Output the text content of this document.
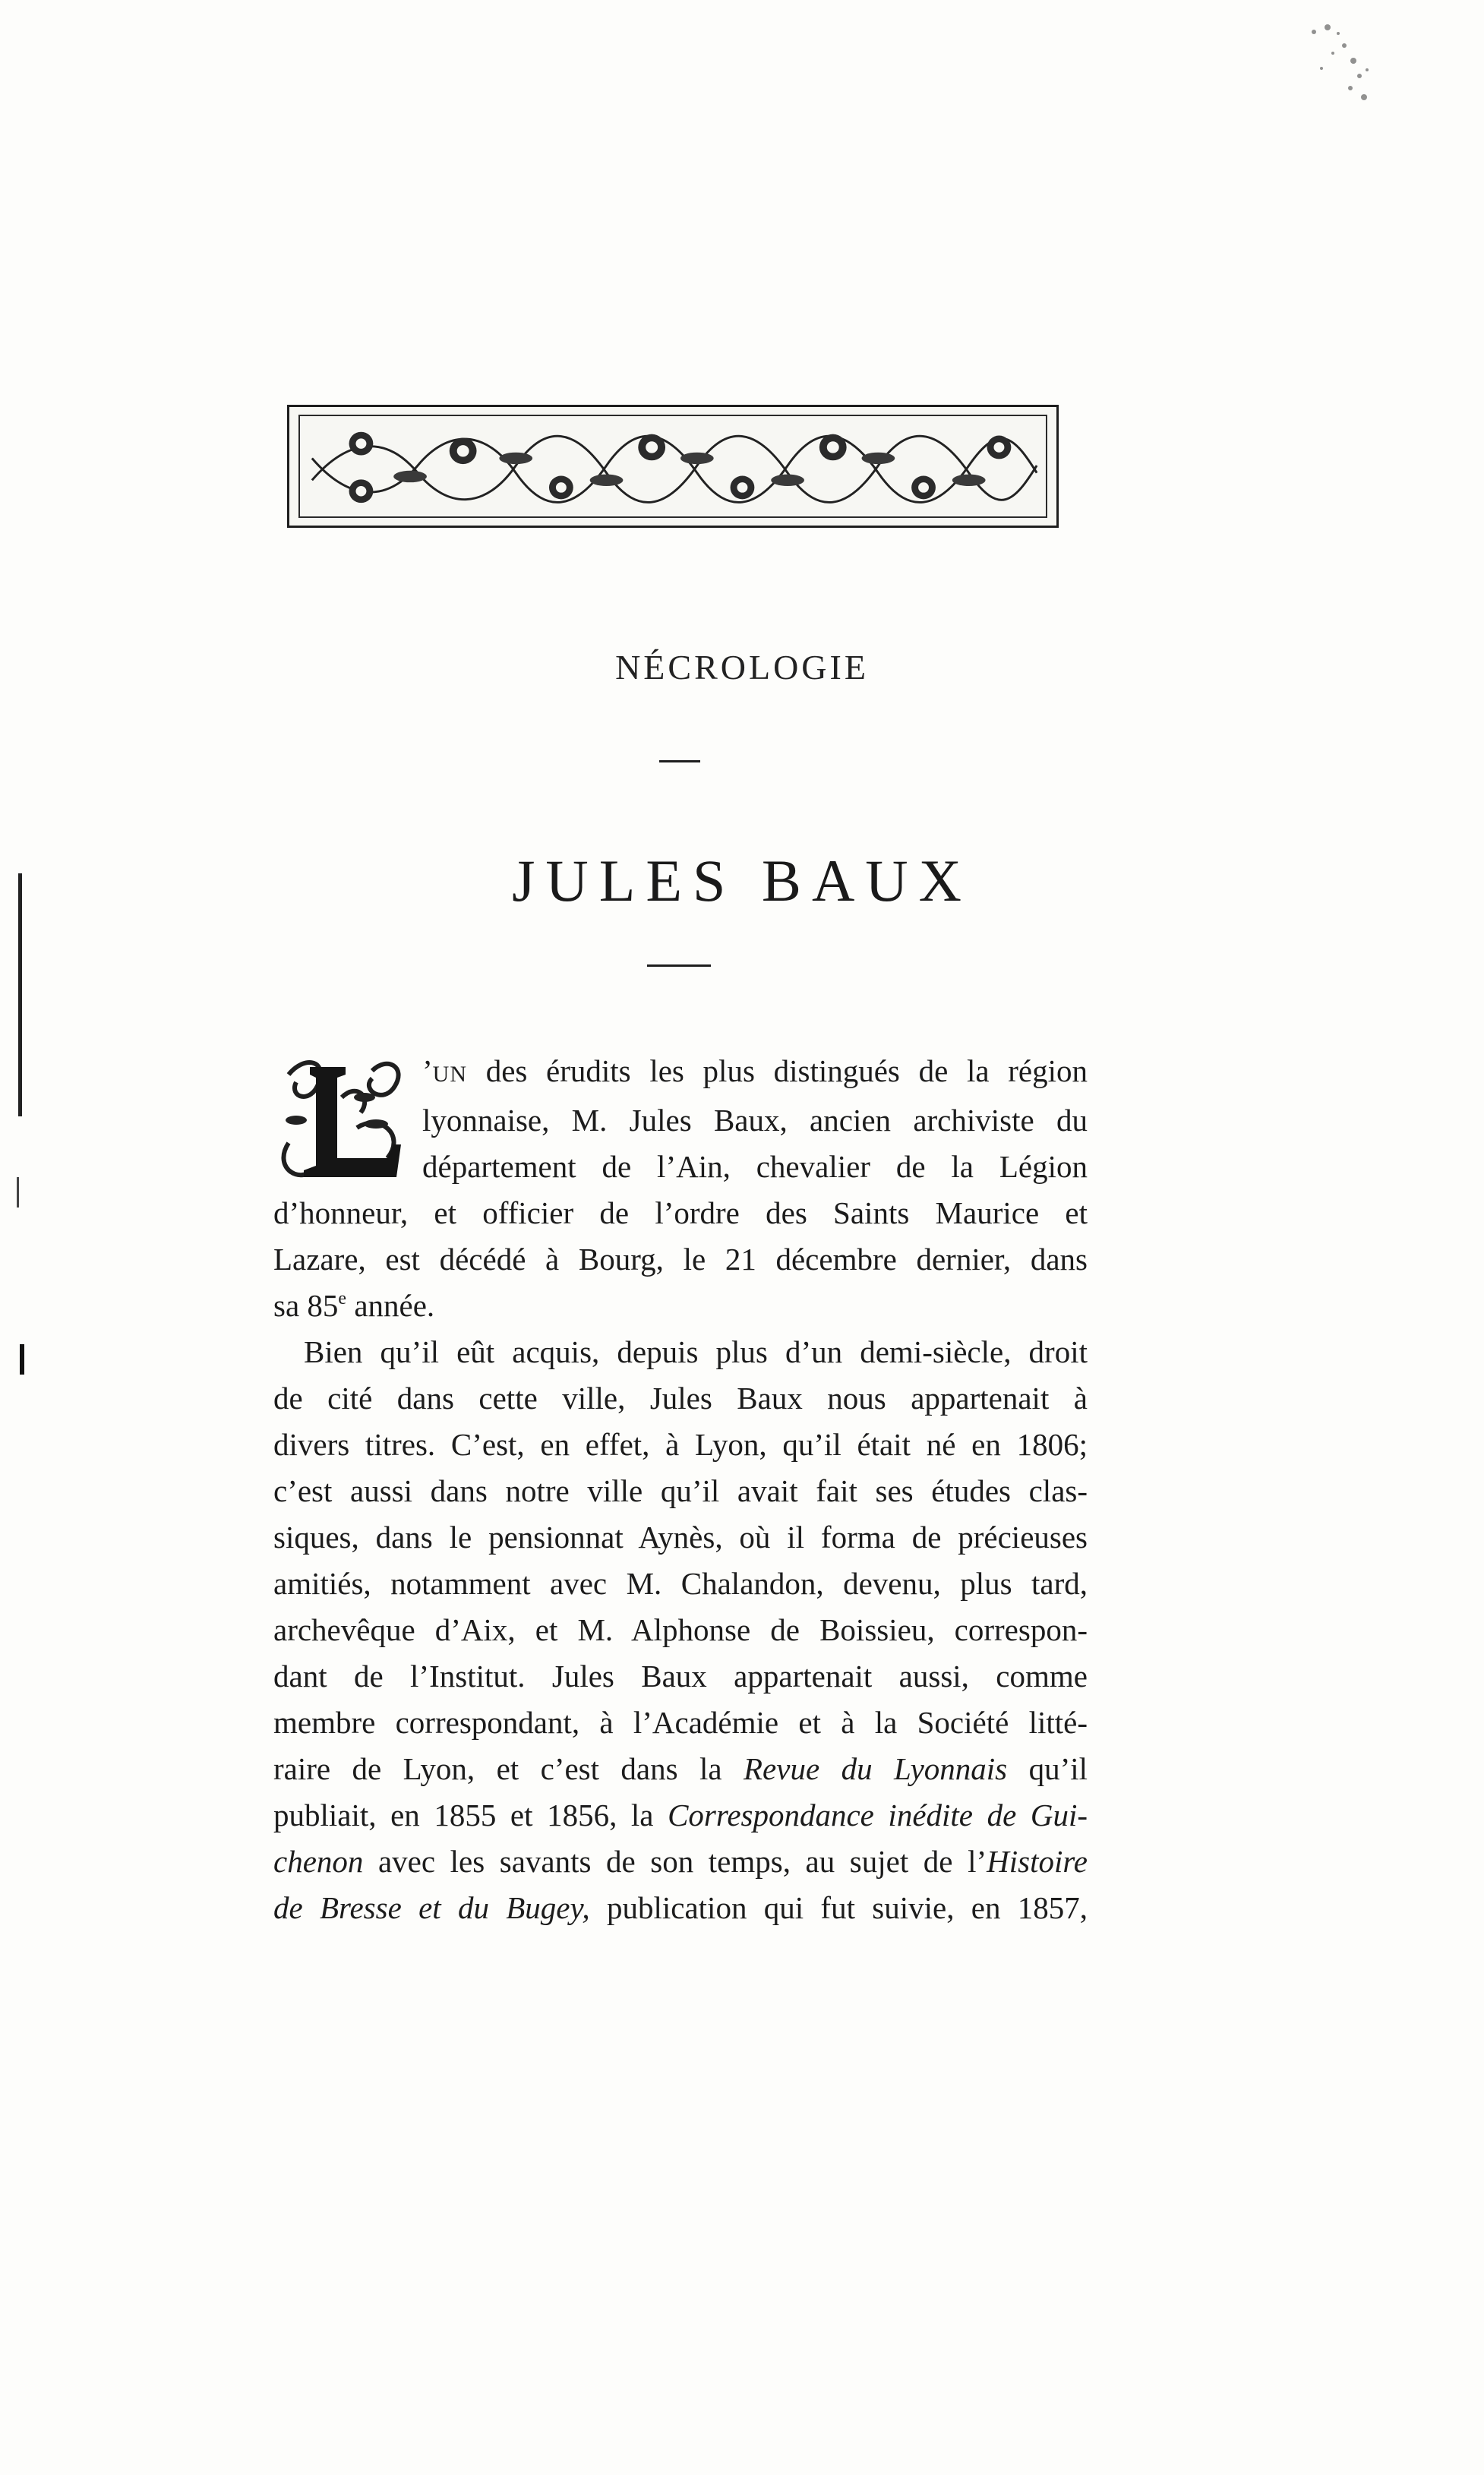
NÉCROLOGIE
JULES BAUX

’UN des érudits les plus distingués de la région
lyonnaise, M. Jules Baux, ancien archiviste du
département de l’Ain, chevalier de la Légion
d’honneur, et officier de l’ordre des Saints Maurice et
Lazare, est décédé à Bourg, le 21 décembre dernier, dans
sa 85e année.

Bien qu’il eût acquis, depuis plus d’un demi-siècle, droit
de cité dans cette ville, Jules Baux nous appartenait à
divers titres. C’est, en effet, à Lyon, qu’il était né en 1806;
c’est aussi dans notre ville qu’il avait fait ses études clas-
siques, dans le pensionnat Aynès, où il forma de précieuses
amitiés, notamment avec M. Chalandon, devenu, plus tard,
archevêque d’Aix, et M. Alphonse de Boissieu, correspon-
dant de l’Institut. Jules Baux appartenait aussi, comme
membre correspondant, à l’Académie et à la Société litté-
raire de Lyon, et c’est dans la Revue du Lyonnais qu’il
publiait, en 1855 et 1856, la Correspondance inédite de Gui-
chenon avec les savants de son temps, au sujet de l’Histoire
de Bresse et du Bugey, publication qui fut suivie, en 1857,
